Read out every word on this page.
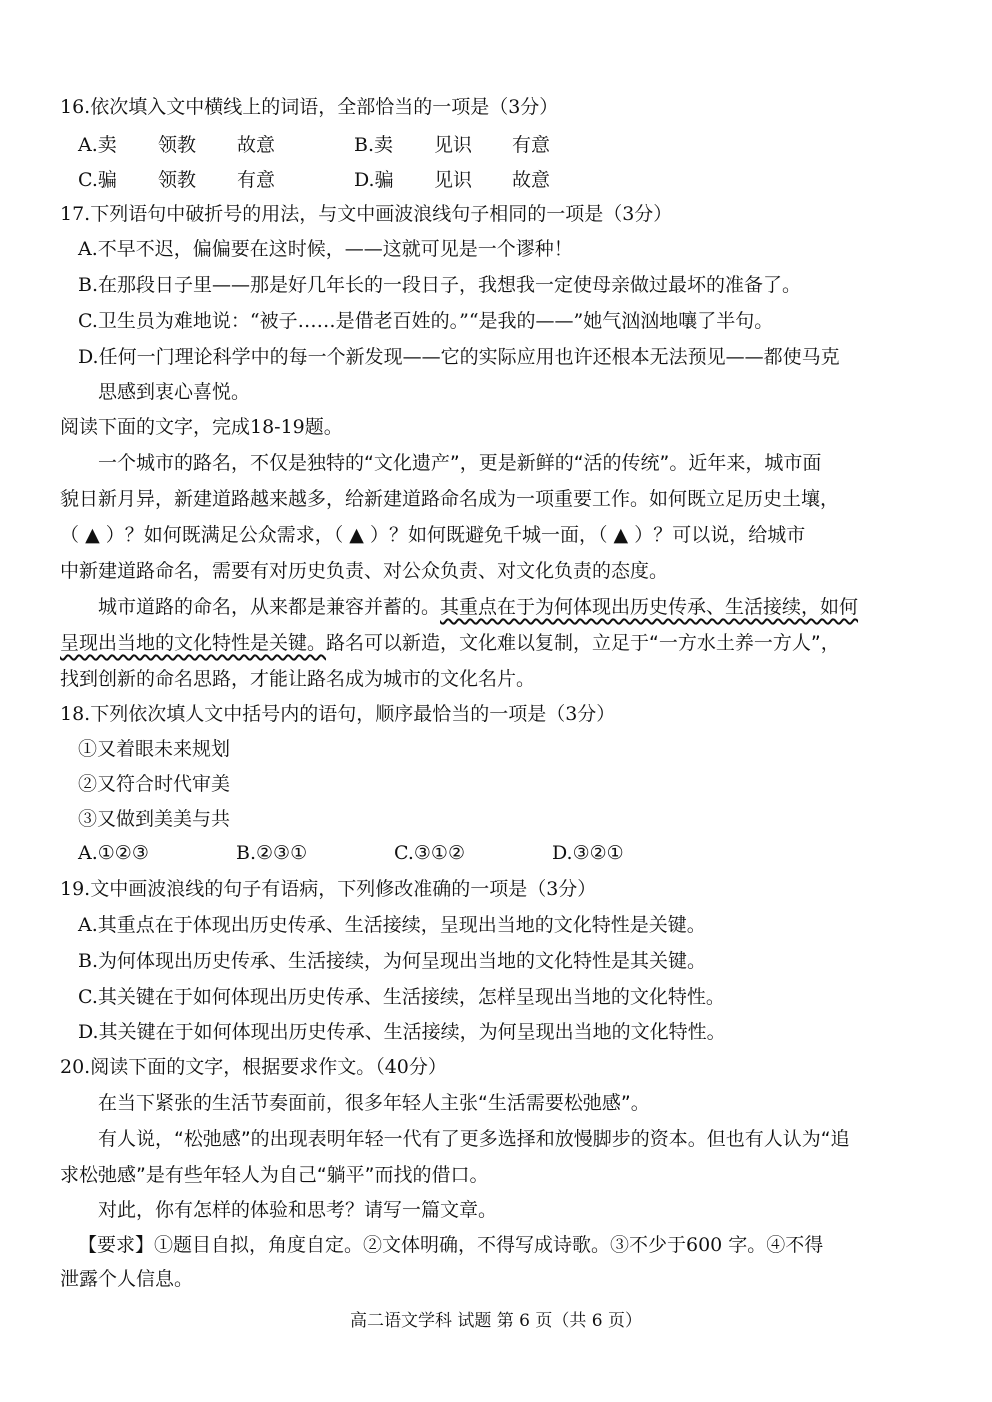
16.依次填入文中横线上的词语，全部恰当的一项是（3分）
A.卖 领教 故意	B.卖 见识 有意
C.骗 领教 有意	D.骗 见识 故意
17.下列语句中破折号的用法，与文中画波浪线句子相同的一项是（3分）
A.不早不迟，偏偏要在这时候，——这就可见是一个谬种！
B.在那段日子里——那是好几年长的一段日子，我想我一定使母亲做过最坏的准备了。
C.卫生员为难地说：“被子……是借老百姓的。”“是我的——”她气汹汹地嚷了半句。
D.任何一门理论科学中的每一个新发现——它的实际应用也许还根本无法预见——都使马克
思感到衷心喜悦。
阅读下面的文字，完成18-19题。
一个城市的路名，不仅是独特的“文化遗产”，更是新鲜的“活的传统”。近年来，城市面
貌日新月异，新建道路越来越多，给新建道路命名成为一项重要工作。如何既立足历史土壤，
（ ▲ ）？如何既满足公众需求，（ ▲ ）？如何既避免千城一面，（ ▲ ）？可以说，给城市
中新建道路命名，需要有对历史负责、对公众负责、对文化负责的态度。
城市道路的命名，从来都是兼容并蓄的。其重点在于为何体现出历史传承、生活接续，如何
呈现出当地的文化特性是关键。路名可以新造，文化难以复制，立足于“一方水土养一方人”，
找到创新的命名思路，才能让路名成为城市的文化名片。
18.下列依次填人文中括号内的语句，顺序最恰当的一项是（3分）
①又着眼未来规划
②又符合时代审美
③又做到美美与共
A.①②③	B.②③①	C.③①②	D.③②①
19.文中画波浪线的句子有语病，下列修改准确的一项是（3分）
A.其重点在于体现出历史传承、生活接续，呈现出当地的文化特性是关键。
B.为何体现出历史传承、生活接续，为何呈现出当地的文化特性是其关键。
C.其关键在于如何体现出历史传承、生活接续，怎样呈现出当地的文化特性。
D.其关键在于如何体现出历史传承、生活接续，为何呈现出当地的文化特性。
20.阅读下面的文字，根据要求作文。（40分）
在当下紧张的生活节奏面前，很多年轻人主张“生活需要松弛感”。
有人说，“松弛感”的出现表明年轻一代有了更多选择和放慢脚步的资本。但也有人认为“追
求松弛感”是有些年轻人为自己“躺平”而找的借口。
对此，你有怎样的体验和思考？请写一篇文章。
【要求】①题目自拟，角度自定。②文体明确，不得写成诗歌。③不少于600 字。④不得
泄露个人信息。
高二语文学科 试题 第 6 页（共 6 页）
